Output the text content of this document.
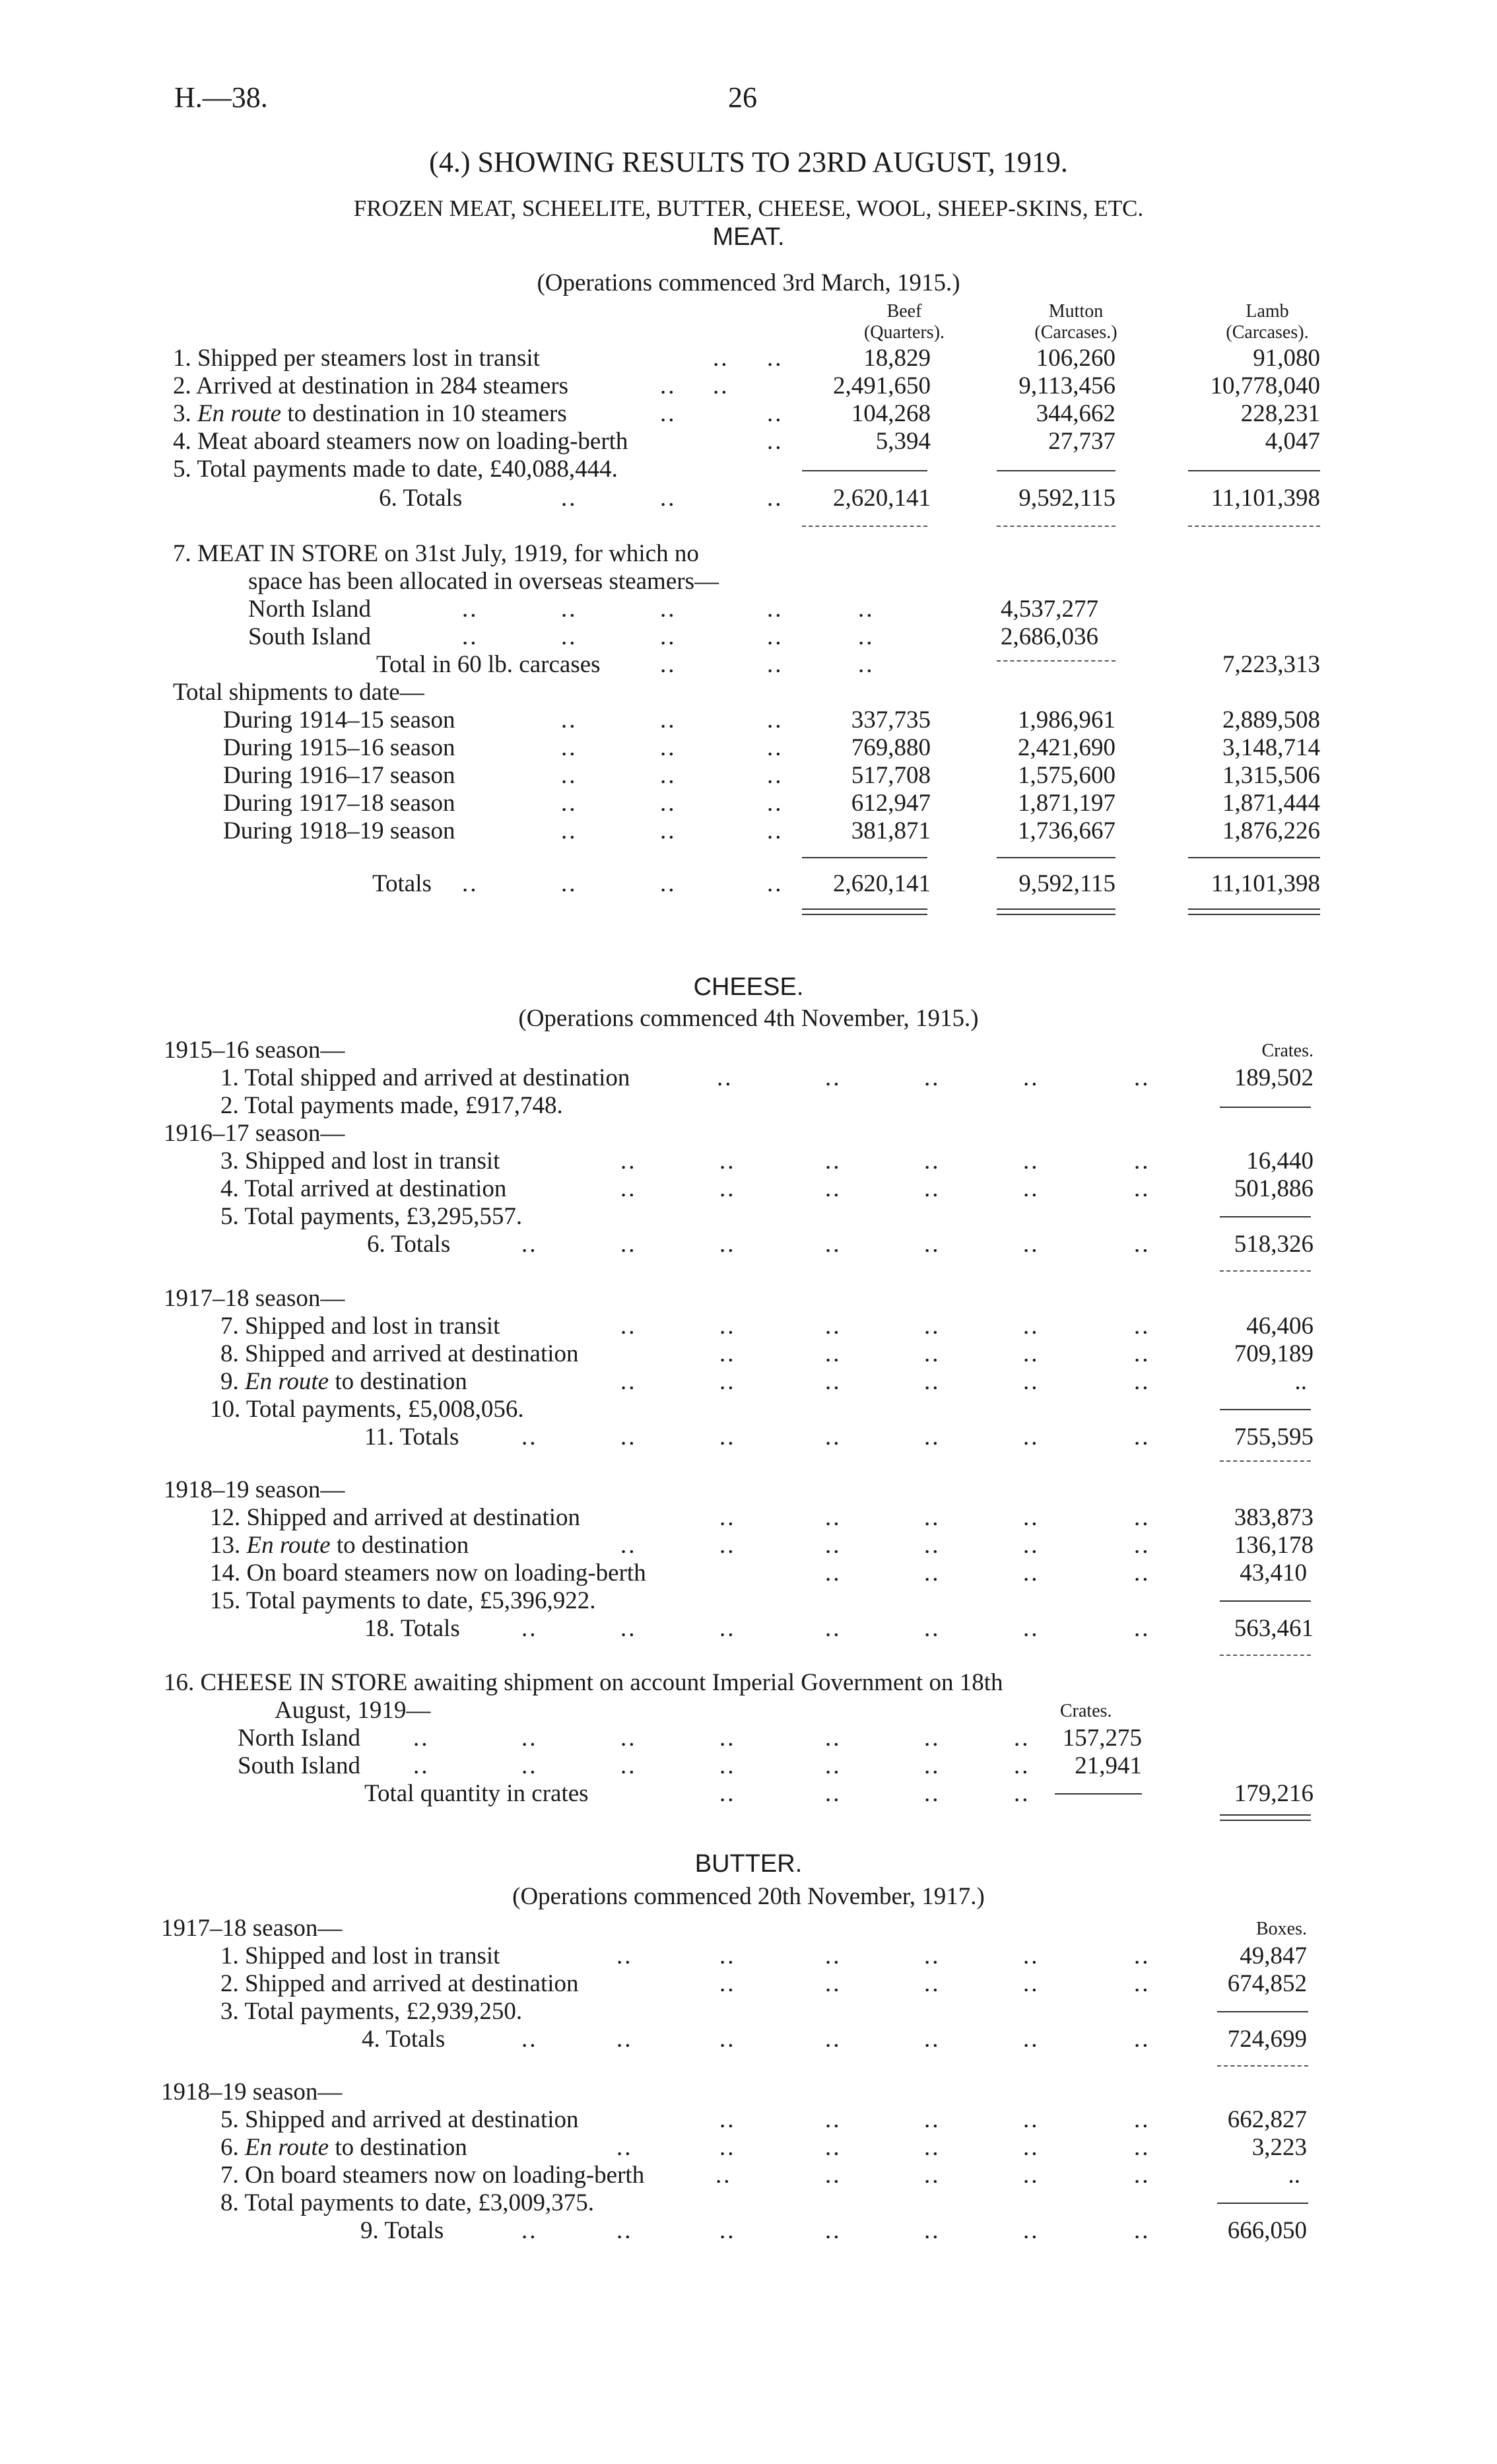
H.—38.	26
(4.) SHOWING RESULTS TO 23RD AUGUST, 1919.
FROZEN MEAT, SCHEELITE, BUTTER, CHEESE, WOOL, SHEEP-SKINS, ETC.
MEAT.
(Operations commenced 3rd March, 1915.)
Beef
(Quarters).
Mutton
(Carcases.)
Lamb
(Carcases).
1. Shipped per steamers lost in transit	.. ..	18,829	106,260	91,080
2. Arrived at destination in 284 steamers	.. ..	2,491,650	9,113,456	10,778,040
3. En route to destination in 10 steamers	..	..	104,268	344,662	228,231
4. Meat aboard steamers now on loading-berth	..	5,394	27,737	4,047
5. Total payments made to date, £40,088,444.
6. Totals	..	..	..	2,620,141	9,592,115	11,101,398
7. MEAT IN STORE on 31st July, 1919, for which no
space has been allocated in overseas steamers—
North Island	..	..	..	..	..	4,537,277
South Island	..	..	..	..	..	2,686,036
Total in 60 lb. carcases ..	..	..	7,223,313
Total shipments to date—
During 1914–15 season	..	..	..	337,735	1,986,961	2,889,508
During 1915–16 season	..	..	..	769,880	2,421,690	3,148,714
During 1916–17 season	..	..	..	517,708	1,575,600	1,315,506
During 1917–18 season	..	..	..	612,947	1,871,197	1,871,444
During 1918–19 season	..	..	..	381,871	1,736,667	1,876,226
Totals ..	..	..	..	2,620,141	9,592,115	11,101,398
CHEESE.
(Operations commenced 4th November, 1915.)
Crates.
1915–16 season—
1. Total shipped and arrived at destination	..	..	..	..	..	189,502
2. Total payments made, £917,748.
1916–17 season—
3. Shipped and lost in transit	..	..	..	..	..	..	16,440
4. Total arrived at destination	..	..	..	..	..	..	501,886
5. Total payments, £3,295,557.
6. Totals	..	..	..	..	..	..	..	518,326
1917–18 season—
7. Shipped and lost in transit	..	..	..	..	..	..	46,406
8. Shipped and arrived at destination	..	..	..	..	..	709,189
9. En route to destination	..	..	..	..	..	..	..
10. Total payments, £5,008,056.
11. Totals	..	..	..	..	..	..	..	755,595
1918–19 season—
12. Shipped and arrived at destination	..	..	..	..	..	383,873
13. En route to destination	..	..	..	..	..	..	136,178
14. On board steamers now on loading-berth	..	..	..	..	43,410
15. Total payments to date, £5,396,922.
18. Totals	..	..	..	..	..	..	..	563,461
16. CHEESE IN STORE awaiting shipment on account Imperial Government on 18th
August, 1919—	Crates.
North Island ..	..	..	..	..	..	..	157,275
South Island ..	..	..	..	..	..	..	21,941
Total quantity in crates	..	..	..	..	179,216
BUTTER.
(Operations commenced 20th November, 1917.)
Boxes.
1917–18 season—
1. Shipped and lost in transit	..	..	..	..	..	..	49,847
2. Shipped and arrived at destination	..	..	..	..	..	674,852
3. Total payments, £2,939,250.
4. Totals	..	..	..	..	..	..	..	724,699
1918–19 season—
5. Shipped and arrived at destination	..	..	..	..	..	662,827
6. En route to destination	..	..	..	..	..	..	3,223
7. On board steamers now on loading-berth	..	..	..	..	..	..
8. Total payments to date, £3,009,375.
9. Totals	..	..	..	..	..	..	..	666,050
